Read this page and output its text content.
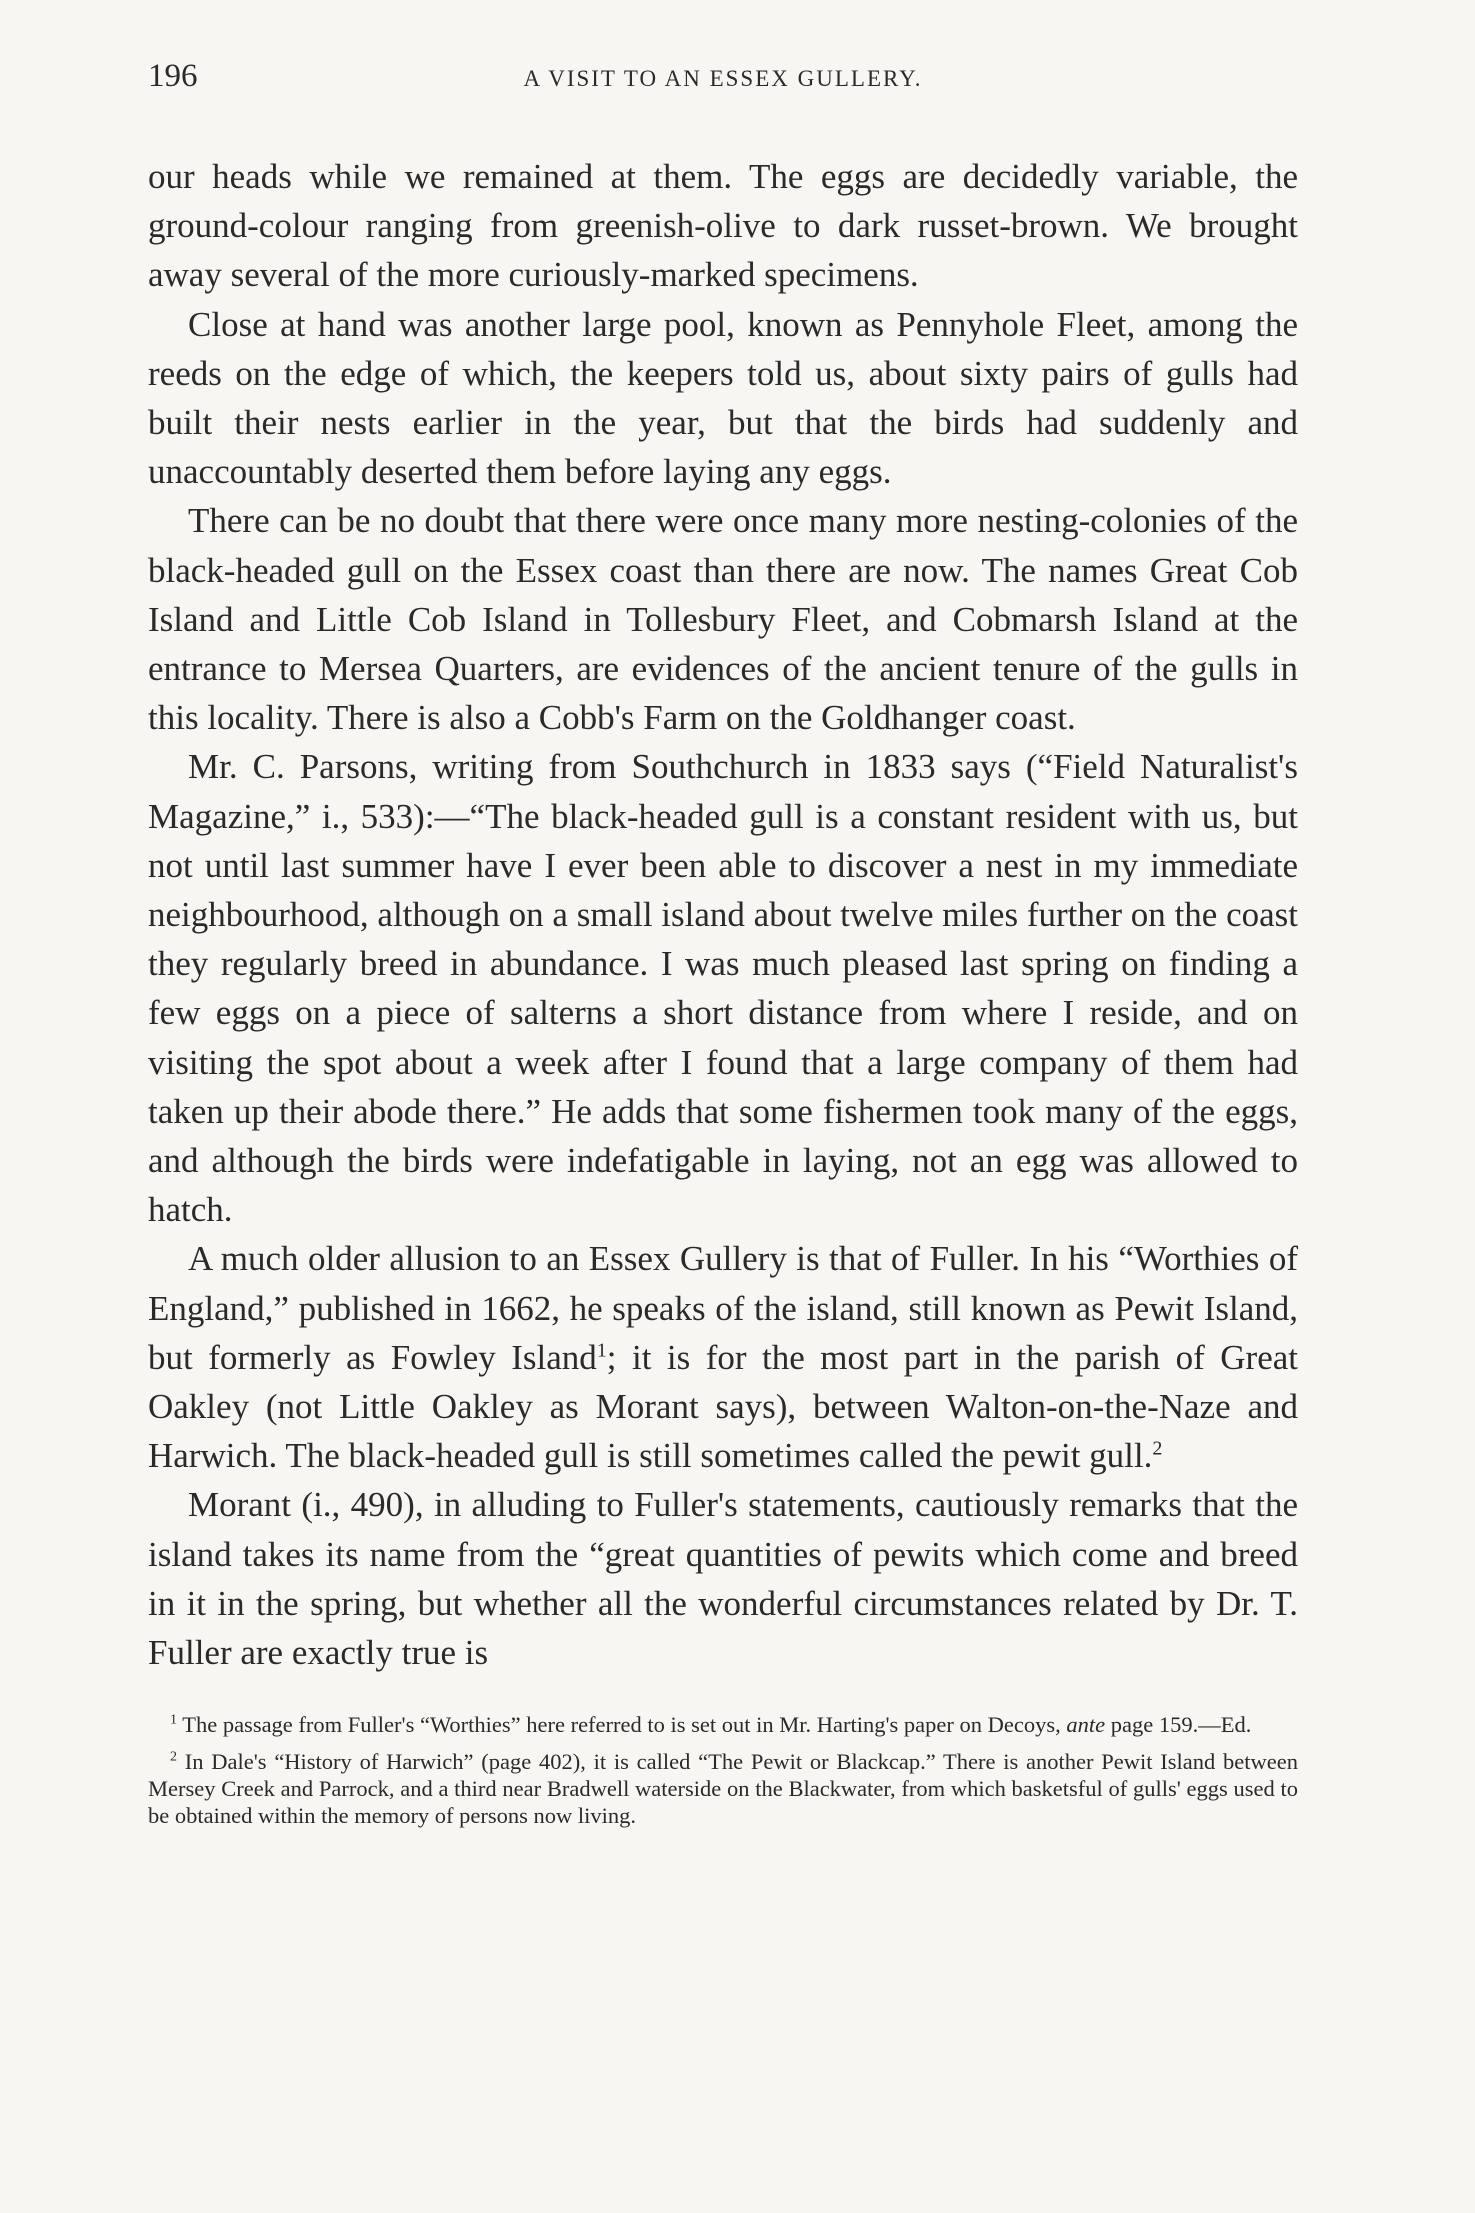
196	A VISIT TO AN ESSEX GULLERY.

our heads while we remained at them. The eggs are decidedly variable, the ground-colour ranging from greenish-olive to dark russet-brown. We brought away several of the more curiously-marked specimens.

Close at hand was another large pool, known as Pennyhole Fleet, among the reeds on the edge of which, the keepers told us, about sixty pairs of gulls had built their nests earlier in the year, but that the birds had suddenly and unaccountably deserted them before laying any eggs.

There can be no doubt that there were once many more nesting-colonies of the black-headed gull on the Essex coast than there are now. The names Great Cob Island and Little Cob Island in Tollesbury Fleet, and Cobmarsh Island at the entrance to Mersea Quarters, are evidences of the ancient tenure of the gulls in this locality. There is also a Cobb's Farm on the Goldhanger coast.

Mr. C. Parsons, writing from Southchurch in 1833 says (“Field Naturalist's Magazine,” i., 533):—“The black-headed gull is a constant resident with us, but not until last summer have I ever been able to discover a nest in my immediate neighbourhood, although on a small island about twelve miles further on the coast they regularly breed in abundance. I was much pleased last spring on finding a few eggs on a piece of salterns a short distance from where I reside, and on visiting the spot about a week after I found that a large company of them had taken up their abode there.” He adds that some fishermen took many of the eggs, and although the birds were indefatigable in laying, not an egg was allowed to hatch.

A much older allusion to an Essex Gullery is that of Fuller. In his “Worthies of England,” published in 1662, he speaks of the island, still known as Pewit Island, but formerly as Fowley Island$^1$; it is for the most part in the parish of Great Oakley (not Little Oakley as Morant says), between Walton-on-the-Naze and Harwich. The black-headed gull is still sometimes called the pewit gull.$^2$

Morant (i., 490), in alluding to Fuller's statements, cautiously remarks that the island takes its name from the “great quantities of pewits which come and breed in it in the spring, but whether all the wonderful circumstances related by Dr. T. Fuller are exactly true is

$^1$ The passage from Fuller's “Worthies” here referred to is set out in Mr. Harting's paper on Decoys, ante page 159.—Ed.

$^2$ In Dale's “History of Harwich” (page 402), it is called “The Pewit or Blackcap.” There is another Pewit Island between Mersey Creek and Parrock, and a third near Bradwell waterside on the Blackwater, from which basketsful of gulls' eggs used to be obtained within the memory of persons now living.
